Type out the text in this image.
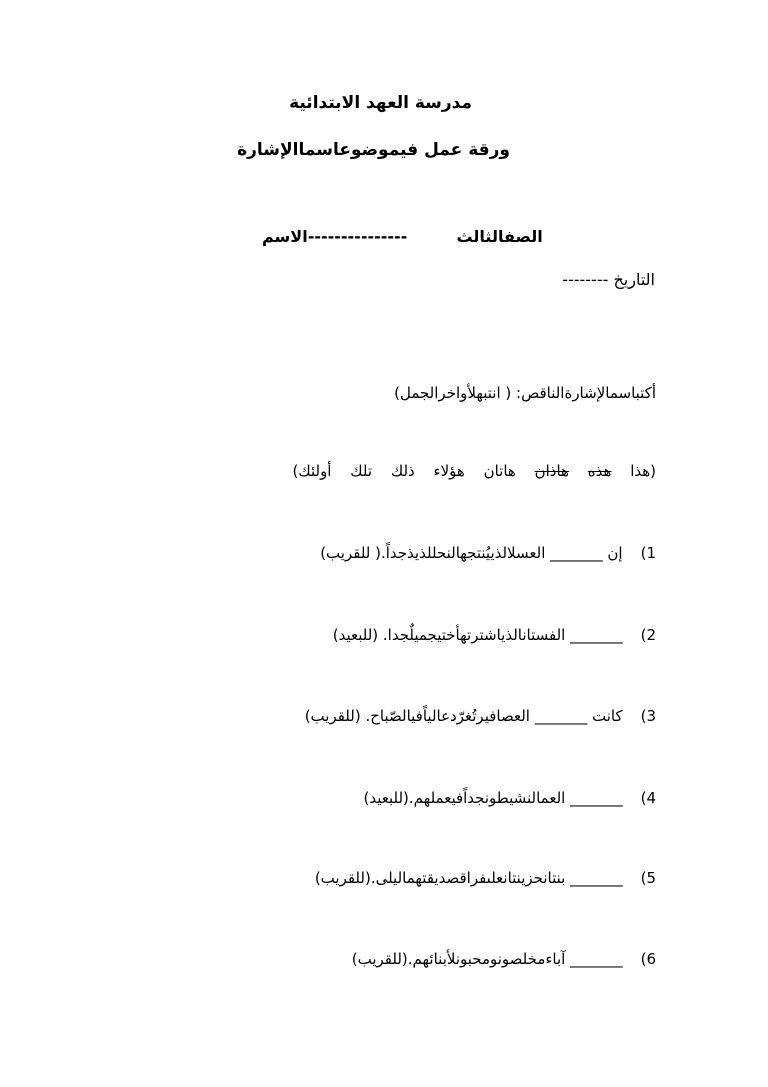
مدرسة العهد الابتدائية
ورقة عمل فيموضوعاسماالإشارة
الاسم---------------	الصفالثالث
التاريخ --------
أكتباسمالإشارةالناقص: ( انتبهلأواخرالجمل)
(هذا هذه هاذان هاتان هؤلاء ذلك تلك أولئك)
1)إن _______ العسلالذييُنتجهالنحللذيذجداً.( للقريب)
2)_______ الفستانالذياشترتهأختيجميلٌجدا. (للبعيد)
3)كانت _______ العصافيرتُغرّدعالياًفيالصّباح. (للقريب)
4)_______ العمالنشيطونجداًفيعملهم.(للبعيد)
5)_______ بنتانحزينتانعلىفراقصديقتهماليلى.(للقريب)
6)_______ آباءمخلصونومحبونلأبنائهم.(للقريب)
